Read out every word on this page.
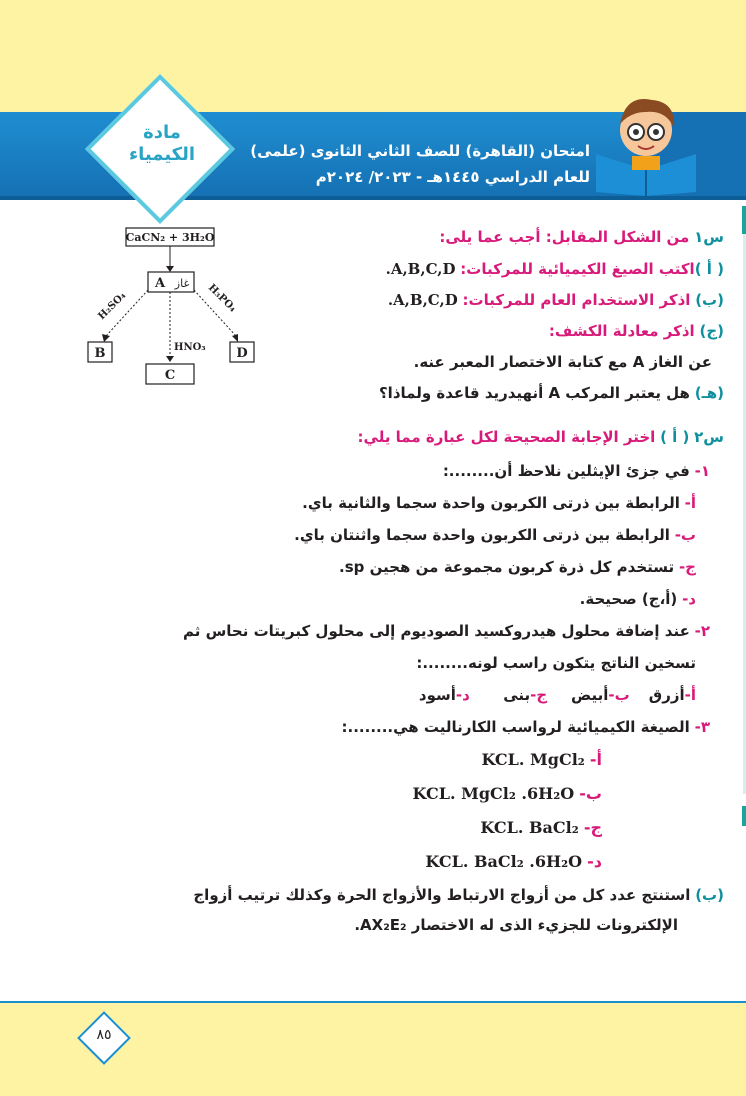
امتحان (القاهرة) للصف الثاني الثانوى (علمى)
للعام الدراسي ١٤٤٥هـ - ٢٠٢٣/ ٢٠٢٤م
مادة
الكيمياء
CaCN₂ + 3H₂O
A غاز
H₂SO₄
HNO₃
H₃PO₄
B
C
D
س١ من الشكل المقابل: أجب عما يلى:
( أ )اكتب الصيغ الكيميائية للمركبات: A,B,C,D.
(ب) اذكر الاستخدام العام للمركبات: A,B,C,D.
(ج) اذكر معادلة الكشف:
عن الغاز A مع كتابة الاختصار المعبر عنه.
(هـ) هل يعتبر المركب A أنهيدريد قاعدة ولماذا؟
س٢ ( أ ) اختر الإجابة الصحيحة لكل عبارة مما يلي:
١- في جزئ الإيثلين نلاحظ أن........:
أ- الرابطة بين ذرتى الكربون واحدة سجما والثانية باي.
ب- الرابطة بين ذرتى الكربون واحدة سجما واثنتان باي.
ج- تستخدم كل ذرة كربون مجموعة من هجين sp.
د- (أ،ج) صحيحة.
٢- عند إضافة محلول هيدروكسيد الصوديوم إلى محلول كبريتات نحاس ثم
تسخين الناتج يتكون راسب لونه........:
أ-أزرق    ب-أبيض     ج-بنى       د-أسود
٣- الصيغة الكيميائية لرواسب الكارناليت هي........:
أ- KCL. MgCl₂
ب- KCL. MgCl₂ .6H₂O
ج- KCL. BaCl₂
د- KCL. BaCl₂ .6H₂O
(ب) استنتج عدد كل من أزواج الارتباط والأزواج الحرة وكذلك ترتيب أزواج
الإلكترونات للجزيء الذى له الاختصار AX₂E₂.
٨٥
